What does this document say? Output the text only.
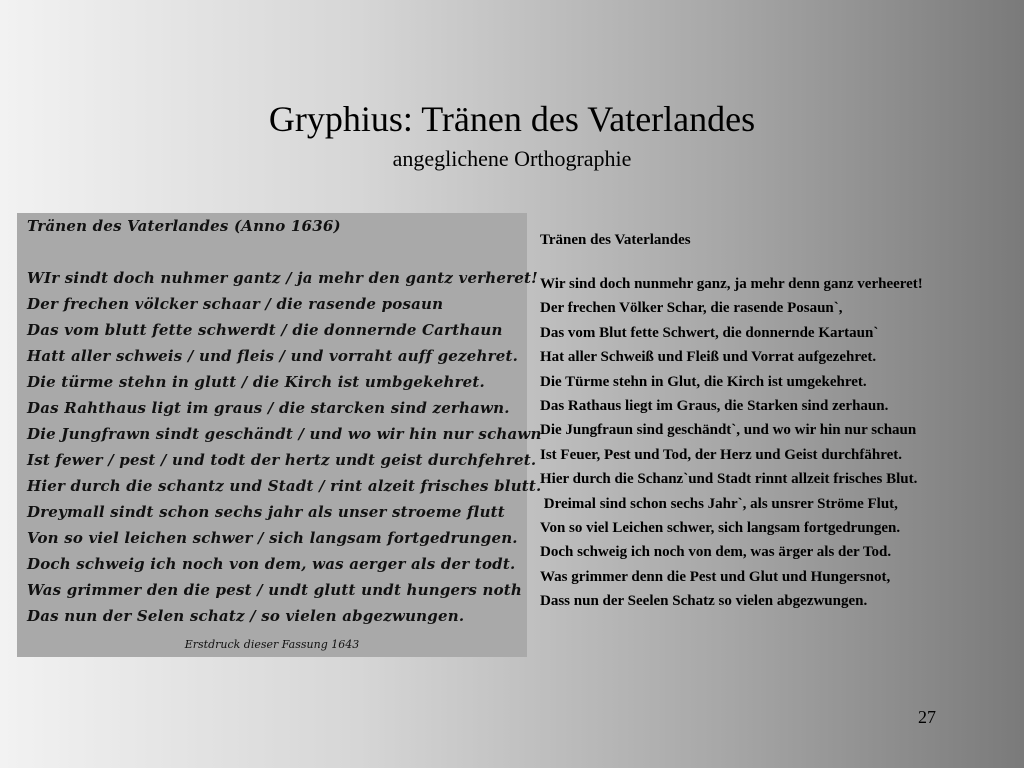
Gryphius: Tränen des Vaterlandes
angeglichene Orthographie
Tränen des Vaterlandes (Anno 1636)
WIr sindt doch nuhmer gantz / ja mehr den gantz verheret!
Der frechen völcker schaar / die rasende posaun
Das vom blutt fette schwerdt / die donnernde Carthaun
Hatt aller schweis / und fleis / und vorraht auff gezehret.
Die türme stehn in glutt / die Kirch ist umbgekehret.
Das Rahthaus ligt im graus / die starcken sind zerhawn.
Die Jungfrawn sindt geschändt / und wo wir hin nur schawn
Ist fewer / pest / und todt der hertz undt geist durchfehret.
Hier durch die schantz und Stadt / rint alzeit frisches blutt.
Dreymall sindt schon sechs jahr als unser stroeme flutt
Von so viel leichen schwer / sich langsam fortgedrungen.
Doch schweig ich noch von dem, was aerger als der todt.
Was grimmer den die pest / undt glutt undt hungers noth
Das nun der Selen schatz / so vielen abgezwungen.
Erstdruck dieser Fassung 1643
Tränen des Vaterlandes
Wir sind doch nunmehr ganz, ja mehr denn ganz verheeret!
Der frechen Völker Schar, die rasende Posaun`,
Das vom Blut fette Schwert, die donnernde Kartaun`
Hat aller Schweiß und Fleiß und Vorrat aufgezehret.
Die Türme stehn in Glut, die Kirch ist umgekehret.
Das Rathaus liegt im Graus, die Starken sind zerhaun.
Die Jungfraun sind geschändt`, und wo wir hin nur schaun
Ist Feuer, Pest und Tod, der Herz und Geist durchfähret.
Hier durch die Schanz`und Stadt rinnt allzeit frisches Blut.
Dreimal sind schon sechs Jahr`, als unsrer Ströme Flut,
Von so viel Leichen schwer, sich langsam fortgedrungen.
Doch schweig ich noch von dem, was ärger als der Tod.
Was grimmer denn die Pest und Glut und Hungersnot,
Dass nun der Seelen Schatz so vielen abgezwungen.
27
